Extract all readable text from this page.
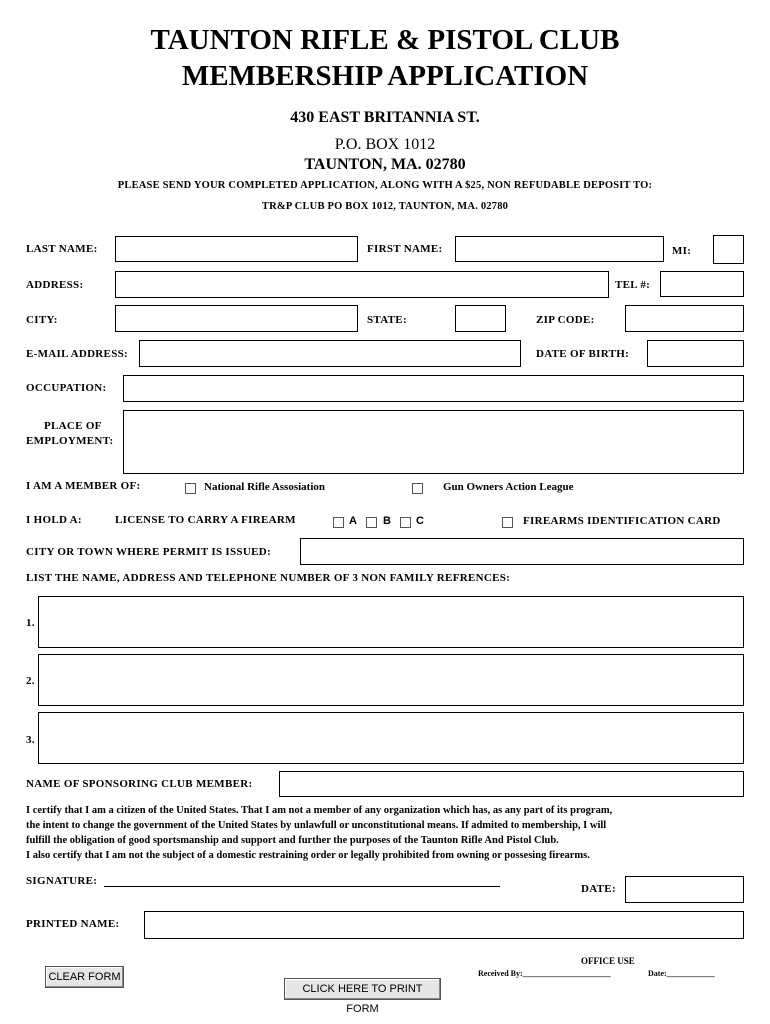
TAUNTON RIFLE & PISTOL CLUB
MEMBERSHIP APPLICATION
430 EAST BRITANNIA ST.
P.O. BOX 1012
TAUNTON, MA. 02780
PLEASE SEND YOUR COMPLETED APPLICATION, ALONG WITH A $25, NON REFUDABLE DEPOSIT TO:
TR&P CLUB PO BOX 1012, TAUNTON, MA. 02780
LAST NAME:	FIRST NAME:	MI:
ADDRESS:	TEL #:
CITY:	STATE:	ZIP CODE:
E-MAIL ADDRESS:	DATE OF BIRTH:
OCCUPATION:
PLACE OF
EMPLOYMENT:
I AM A MEMBER OF:	National Rifle Assosiation	Gun Owners Action League
I HOLD A:	LICENSE TO CARRY A FIREARM	A B C	FIREARMS IDENTIFICATION CARD
CITY OR TOWN WHERE PERMIT IS ISSUED:
LIST THE NAME, ADDRESS AND TELEPHONE NUMBER OF 3 NON FAMILY REFRENCES:
1.
2.
3.
NAME OF SPONSORING CLUB MEMBER:
I certify that I am a citizen of the United States. That I am not a member of any organization which has, as any part of its program,
the intent to change the government of the United States by unlawfull or unconstitutional means. If admited to membership, I will
fulfill the obligation of good sportsmanship and support and further the purposes of the Taunton Rifle And Pistol Club.
I also certify that I am not the subject of a domestic restraining order or legally prohibited from owning or possesing firearms.
SIGNATURE:
DATE:
PRINTED NAME:
OFFICE USE
Received By:______________________	Date:____________
CLEAR FORM
CLICK HERE TO PRINT FORM
